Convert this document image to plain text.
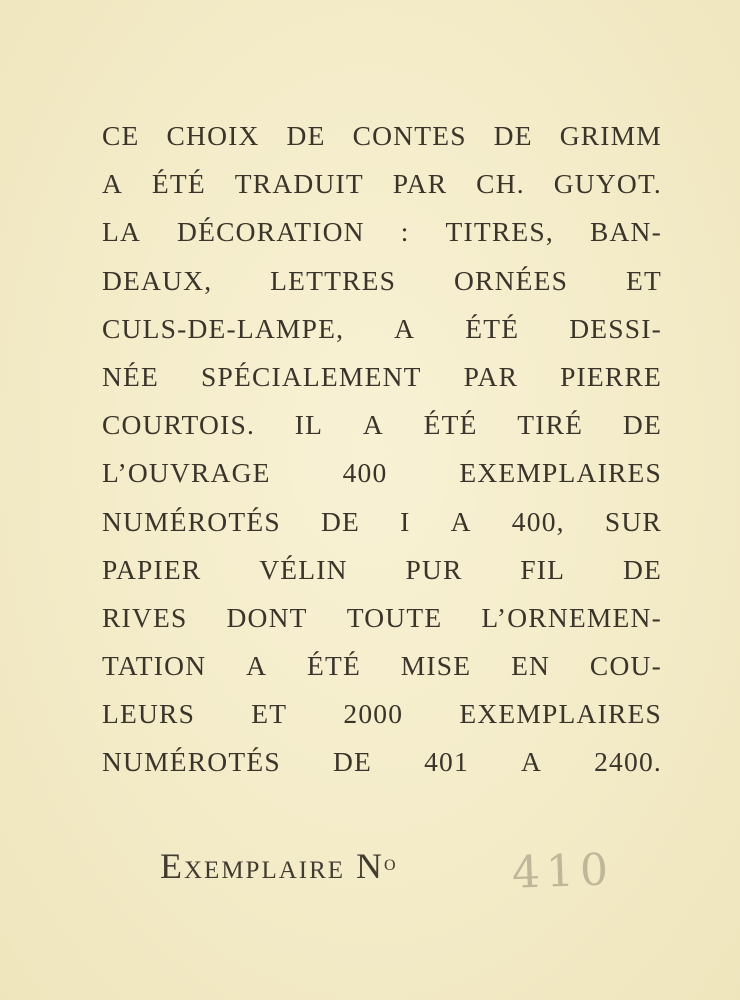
CE CHOIX DE CONTES DE GRIMM
A ÉTÉ TRADUIT PAR CH. GUYOT.
LA DÉCORATION : TITRES, BAN-
DEAUX, LETTRES ORNÉES ET
CULS-DE-LAMPE, A ÉTÉ DESSI-
NÉE SPÉCIALEMENT PAR PIERRE
COURTOIS. IL A ÉTÉ TIRÉ DE
L’OUVRAGE	400	EXEMPLAIRES
NUMÉROTÉS DE I A 400, SUR
PAPIER VÉLIN PUR FIL DE
RIVES DONT TOUTE L’ORNEMEN-
TATION A ÉTÉ MISE EN COU-
LEURS ET 2000 EXEMPLAIRES
NUMÉROTÉS DE 401 A 2400.
Exemplaire $N^o$	410
